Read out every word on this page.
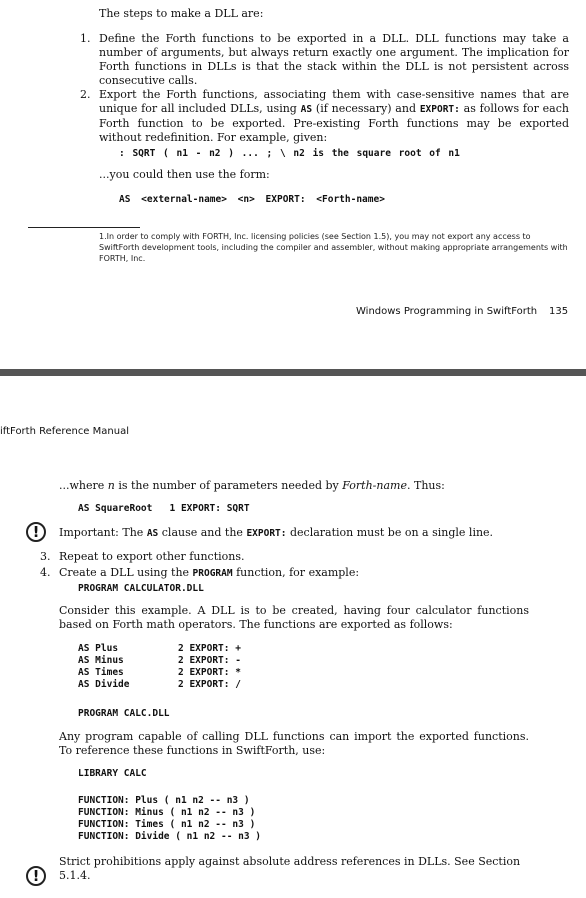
The steps to make a DLL are:
1. Define the Forth functions to be exported in a DLL. DLL functions may take a number of arguments, but always return exactly one argument. The implication for Forth functions in DLLs is that the stack within the DLL is not persistent across consecutive calls.
2. Export the Forth functions, associating them with case-sensitive names that are unique for all included DLLs, using AS (if necessary) and EXPORT: as follows for each Forth function to be exported. Pre-existing Forth functions may be exported without redefinition. For example, given:
: SQRT ( n1 - n2 ) ... ; \ n2 is the square root of n1
...you could then use the form:
AS <external-name> <n> EXPORT: <Forth-name>
1.In order to comply with FORTH, Inc. licensing policies (see Section 1.5), you may not export any access to SwiftForth development tools, including the compiler and assembler, without making appropriate arrangements with FORTH, Inc.
Windows Programming in SwiftForth 135
iftForth Reference Manual
...where n is the number of parameters needed by Forth-name. Thus:
AS SquareRoot   1 EXPORT: SQRT
!	Important: The AS clause and the EXPORT: declaration must be on a single line.
3. Repeat to export other functions.
4. Create a DLL using the PROGRAM function, for example:
PROGRAM CALCULATOR.DLL
Consider this example. A DLL is to be created, having four calculator functions based on Forth math operators. The functions are exported as follows:
AS Plus
AS Minus
AS Times
AS Divide
2 EXPORT: +
2 EXPORT: -
2 EXPORT: *
2 EXPORT: /
PROGRAM CALC.DLL
Any program capable of calling DLL functions can import the exported functions. To reference these functions in SwiftForth, use:
LIBRARY CALC
FUNCTION: Plus ( n1 n2 -- n3 )
FUNCTION: Minus ( n1 n2 -- n3 )
FUNCTION: Times ( n1 n2 -- n3 )
FUNCTION: Divide ( n1 n2 -- n3 )
!
Strict prohibitions apply against absolute address references in DLLs. See Section 5.1.4.
